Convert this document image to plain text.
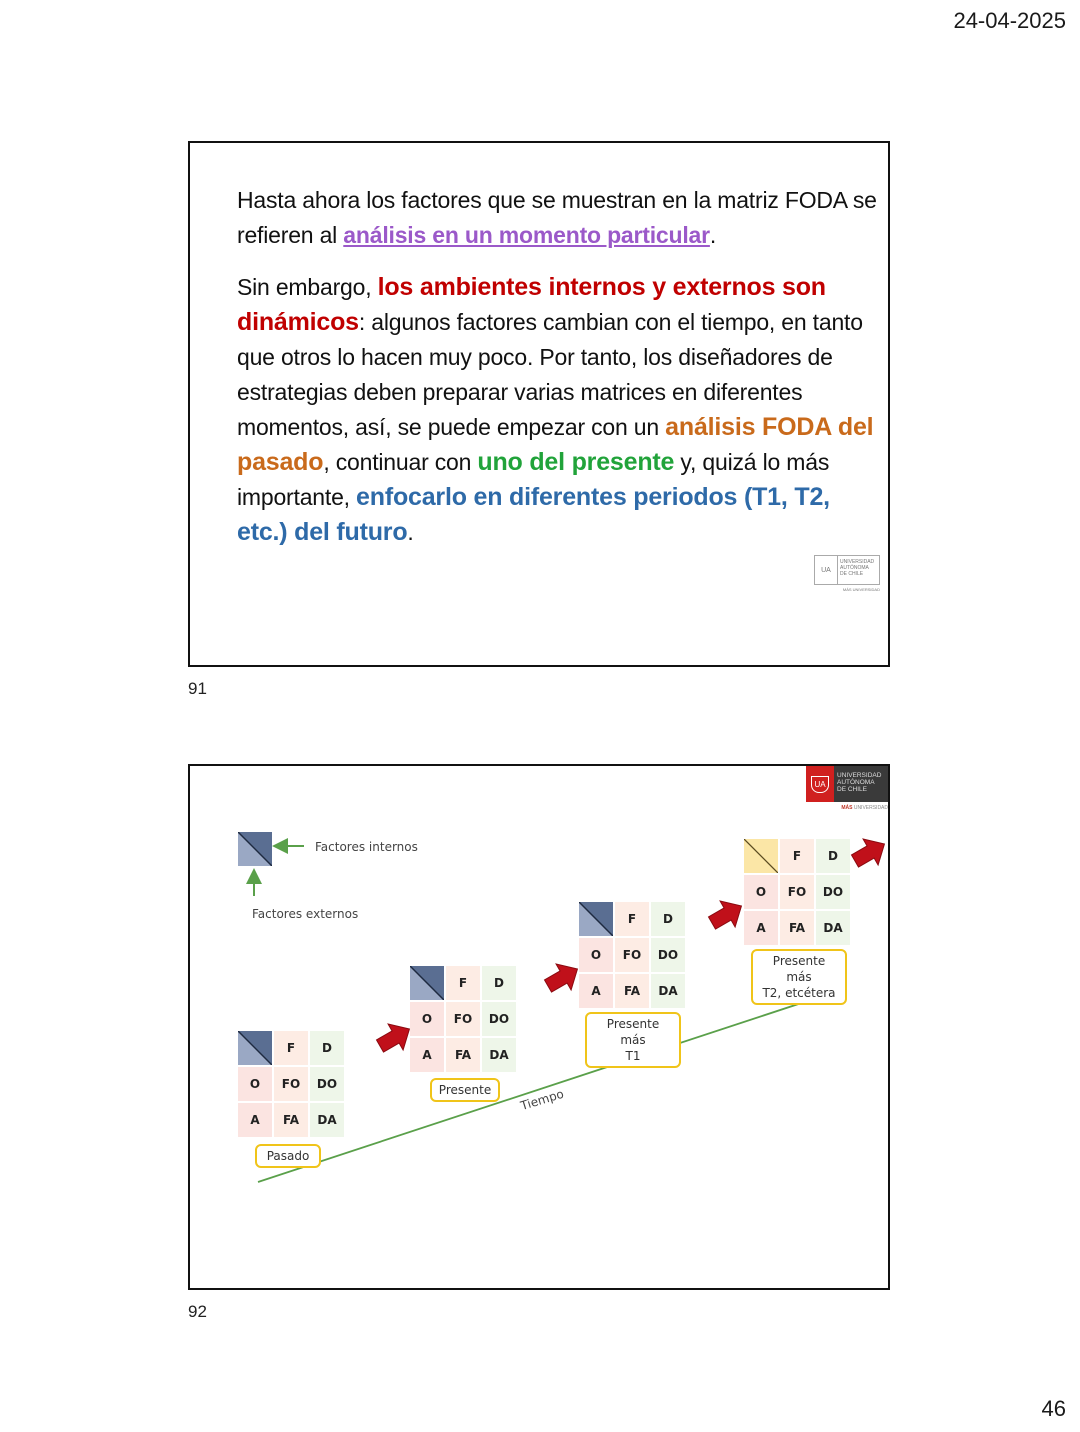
24-04-2025

Hasta ahora los factores que se muestran en la matriz FODA se refieren al análisis en un momento particular.

Sin embargo, los ambientes internos y externos son dinámicos: algunos factores cambian con el tiempo, en tanto que otros lo hacen muy poco. Por tanto, los diseñadores de estrategias deben preparar varias matrices en diferentes momentos, así, se puede empezar con un análisis FODA del pasado, continuar con uno del presente y, quizá lo más importante, enfocarlo en diferentes periodos (T1, T2, etc.) del futuro.

UA
UNIVERSIDAD
AUTÓNOMA
DE CHILE
MÁS UNIVERSIDAD
91
UA
UNIVERSIDAD
AUTÓNOMA
DE CHILE
MÁS UNIVERSIDAD
Factores internos
Factores externos
F	D
O	FO	DO
A	FA	DA
Pasado
F	D
O	FO	DO
A	FA	DA
Presente
F	D
O	FO	DO
A	FA	DA
Presente más
T1
F	D
O	FO	DO
A	FA	DA
Presente más
T2, etcétera
Tiempo
92
46
